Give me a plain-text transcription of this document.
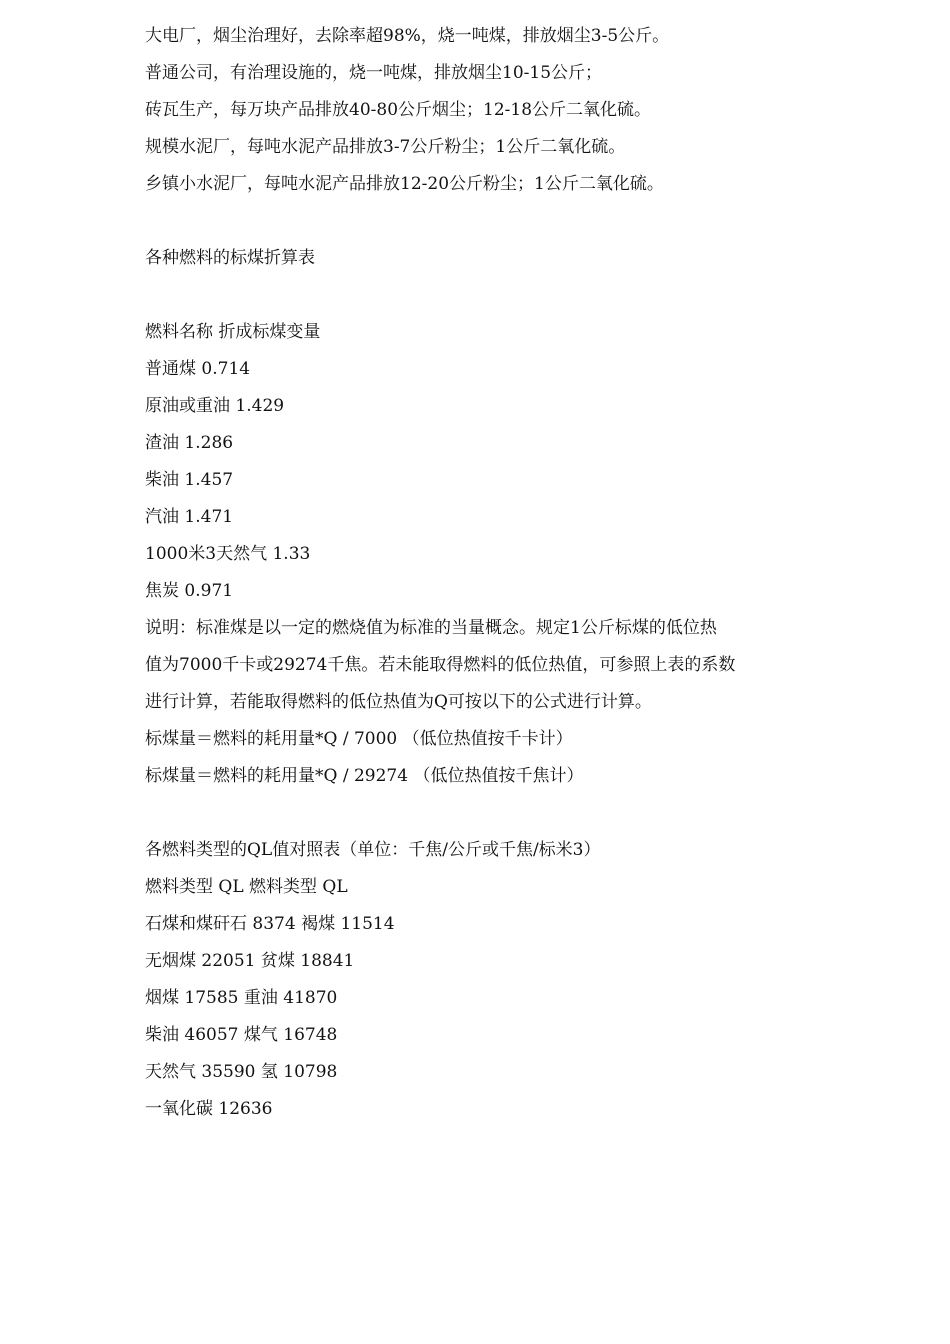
大电厂，烟尘治理好，去除率超98%，烧一吨煤，排放烟尘3-5公斤。
普通公司，有治理设施的，烧一吨煤，排放烟尘10-15公斤；
砖瓦生产，每万块产品排放40-80公斤烟尘；12-18公斤二氧化硫。
规模水泥厂，每吨水泥产品排放3-7公斤粉尘；1公斤二氧化硫。
乡镇小水泥厂，每吨水泥产品排放12-20公斤粉尘；1公斤二氧化硫。
各种燃料的标煤折算表
燃料名称 折成标煤变量
普通煤 0.714
原油或重油 1.429
渣油 1.286
柴油 1.457
汽油 1.471
1000米3天然气 1.33
焦炭 0.971
说明：标准煤是以一定的燃烧值为标准的当量概念。规定1公斤标煤的低位热
值为7000千卡或29274千焦。若未能取得燃料的低位热值，可参照上表的系数
进行计算，若能取得燃料的低位热值为Q可按以下的公式进行计算。
标煤量＝燃料的耗用量*Q / 7000 （低位热值按千卡计）
标煤量＝燃料的耗用量*Q / 29274 （低位热值按千焦计）
各燃料类型的QL值对照表（单位：千焦/公斤或千焦/标米3）
燃料类型 QL 燃料类型 QL
石煤和煤矸石 8374 褐煤 11514
无烟煤 22051 贫煤 18841
烟煤 17585 重油 41870
柴油 46057 煤气 16748
天然气 35590 氢 10798
一氧化碳 12636
